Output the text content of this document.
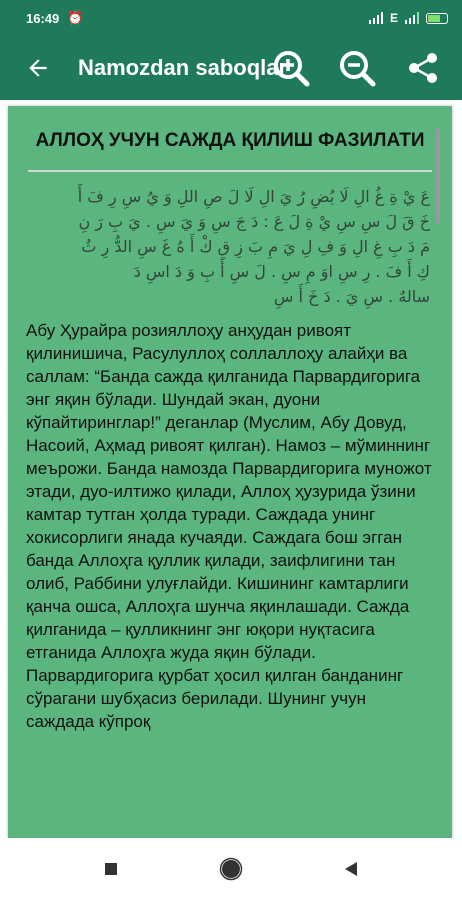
16:49 ⏰	E
Namozdan saboqlar
АЛЛОҲ УЧУН САЖДА ҚИЛИШ ФАЗИЛАТИ
عَ يْ ةِ غُ الِ لَا يُضِ رُ يَ الِ لَا لَ صِ اللِ وَ يُ سِ رِ فَ أَ
خَ قَ لَ سِ سِ يْ ةِ لَ عَ : دَ جَ سِ وَ يَ سِ . يَ بِ رَ نِ
مَ دَ بِ غِ الِ وَ فِ لِ يَ مِ بَ زِ قِ كْ أَ هُ غَ سِ الدُّ رِ ثُ
كِ أَ فَ . رِ سِ اوَ مِ سِ . لَ سِ أَ بِ وَ دَ اسِ دَ
سالهٌ . سِ يَ . دَ خَ أَ سِ
Абу Ҳурайра розияллоҳу анҳудан ривоят қилинишича, Расулуллоҳ соллаллоҳу алайҳи ва саллам: “Банда сажда қилганида Парвардигорига энг яқин бўлади. Шундай экан, дуони кўпайтиринглар!” деганлар (Муслим, Абу Довуд, Насоий, Аҳмад ривоят қилган). Намоз – мўминнинг меърожи. Банда намозда Парвардигорига муножот этади, дуо-илтижо қилади, Аллоҳ ҳузурида ўзини камтар тутган ҳолда туради. Саждада унинг хокисорлиги янада кучаяди. Саждага бош эгган банда Аллоҳга қуллик қилади, заифлигини тан олиб, Раббини улуғлайди. Кишининг камтарлиги қанча ошса, Аллоҳга шунча яқинлашади. Сажда қилганида – қулликнинг энг юқори нуқтасига етганида Аллоҳга жуда яқин бўлади. Парвардигорига қурбат ҳосил қилган банданинг сўрагани шубҳасиз берилади. Шунинг учун саждада кўпроқ
